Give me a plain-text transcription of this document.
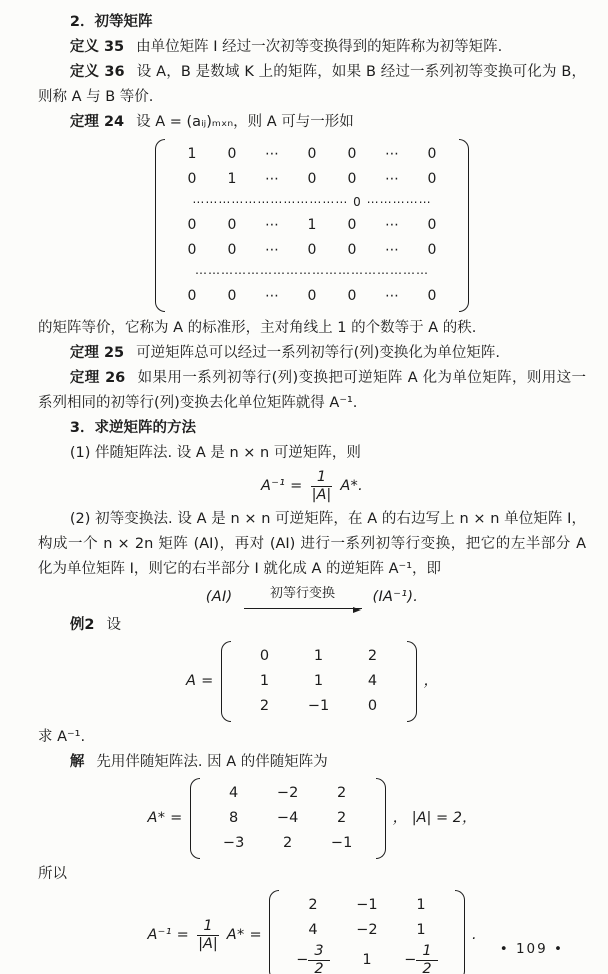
2．初等矩阵

定义 35 由单位矩阵 I 经过一次初等变换得到的矩阵称为初等矩阵.

定义 36 设 A，B 是数域 K 上的矩阵，如果 B 经过一系列初等变换可化为 B，则称 A 与 B 等价.

定理 24 设 A = (aᵢⱼ)ₘₓₙ，则 A 可与一形如

1	0	⋯	0	0	⋯	0
0	1	⋯	0	0	⋯	0
⋯⋯⋯⋯⋯⋯⋯⋯⋯⋯⋯⋯ 0 ⋯⋯⋯⋯⋯
0	0	⋯	1	0	⋯	0
0	0	⋯	0	0	⋯	0
⋯⋯⋯⋯⋯⋯⋯⋯⋯⋯⋯⋯⋯⋯⋯⋯⋯⋯
0	0	⋯	0	0	⋯	0

的矩阵等价，它称为 A 的标准形，主对角线上 1 的个数等于 A 的秩.

定理 25 可逆矩阵总可以经过一系列初等行(列)变换化为单位矩阵.

定理 26 如果用一系列初等行(列)变换把可逆矩阵 A 化为单位矩阵，则用这一系列相同的初等行(列)变换去化单位矩阵就得 A⁻¹.

3．求逆矩阵的方法

(1) 伴随矩阵法. 设 A 是 n × n 可逆矩阵，则

$A^{-1} = \frac{1}{|A|} A*$.

(2) 初等变换法. 设 A 是 n × n 可逆矩阵，在 A 的右边写上 n × n 单位矩阵 I，构成一个 n × 2n 矩阵 (AI)，再对 (AI) 进行一系列初等行变换，把它的左半部分 A 化为单位矩阵 I，则它的右半部分 I 就化成 A 的逆矩阵 A⁻¹，即

(AI)	初等行变换	(IA⁻¹).

例2 设

A =
0	1	2
1	1	4
2	−1	0
，

求 A⁻¹.

解 先用伴随矩阵法. 因 A 的伴随矩阵为

A* =
4	−2	2
8	−4	2
−3	2	−1
， |A| = 2，

所以

$A^{-1} = \frac{1}{|A|} A*$ =
2	−1	1
4	−2	1
− $\frac{3}{2}$	1	− $\frac{1}{2}$
.
• 109 •
